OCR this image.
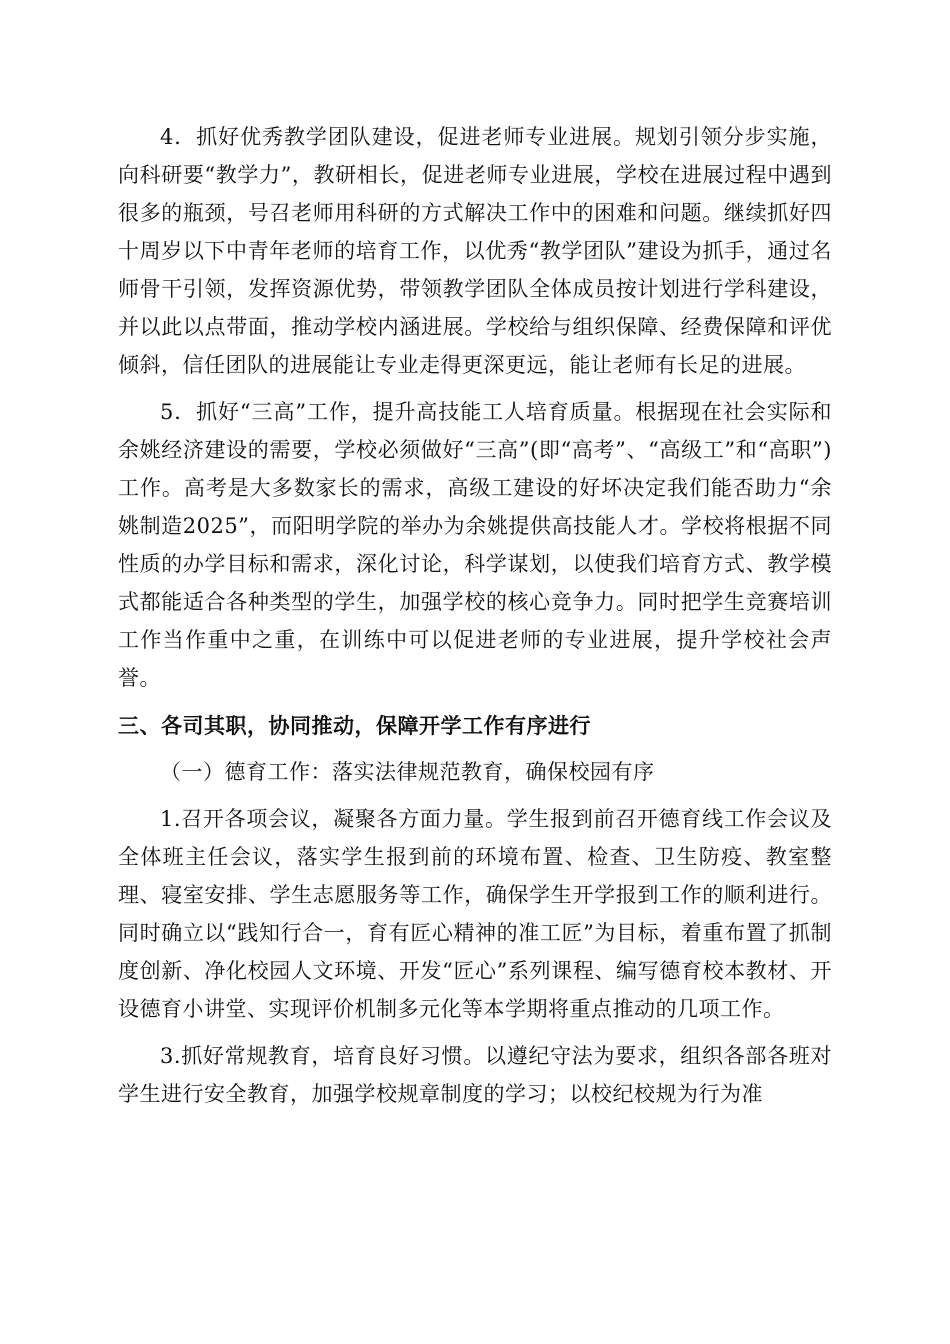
4．抓好优秀教学团队建设，促进老师专业进展。规划引领分步实施，向科研要“教学力”，教研相长，促进老师专业进展，学校在进展过程中遇到很多的瓶颈，号召老师用科研的方式解决工作中的困难和问题。继续抓好四十周岁以下中青年老师的培育工作，以优秀“教学团队”建设为抓手，通过名师骨干引领，发挥资源优势，带领教学团队全体成员按计划进行学科建设，并以此以点带面，推动学校内涵进展。学校给与组织保障、经费保障和评优倾斜，信任团队的进展能让专业走得更深更远，能让老师有长足的进展。

5．抓好“三高”工作，提升高技能工人培育质量。根据现在社会实际和余姚经济建设的需要，学校必须做好“三高”(即“高考”、“高级工”和“高职”)工作。高考是大多数家长的需求，高级工建设的好坏决定我们能否助力“余姚制造2025”，而阳明学院的举办为余姚提供高技能人才。学校将根据不同性质的办学目标和需求，深化讨论，科学谋划，以使我们培育方式、教学模式都能适合各种类型的学生，加强学校的核心竞争力。同时把学生竞赛培训工作当作重中之重，在训练中可以促进老师的专业进展，提升学校社会声誉。

三、各司其职，协同推动，保障开学工作有序进行

（一）德育工作：落实法律规范教育，确保校园有序

1.召开各项会议，凝聚各方面力量。学生报到前召开德育线工作会议及全体班主任会议，落实学生报到前的环境布置、检查、卫生防疫、教室整理、寝室安排、学生志愿服务等工作，确保学生开学报到工作的顺利进行。同时确立以“践知行合一，育有匠心精神的准工匠”为目标，着重布置了抓制度创新、净化校园人文环境、开发“匠心”系列课程、编写德育校本教材、开设德育小讲堂、实现评价机制多元化等本学期将重点推动的几项工作。

3.抓好常规教育，培育良好习惯。以遵纪守法为要求，组织各部各班对学生进行安全教育，加强学校规章制度的学习；以校纪校规为行为准
